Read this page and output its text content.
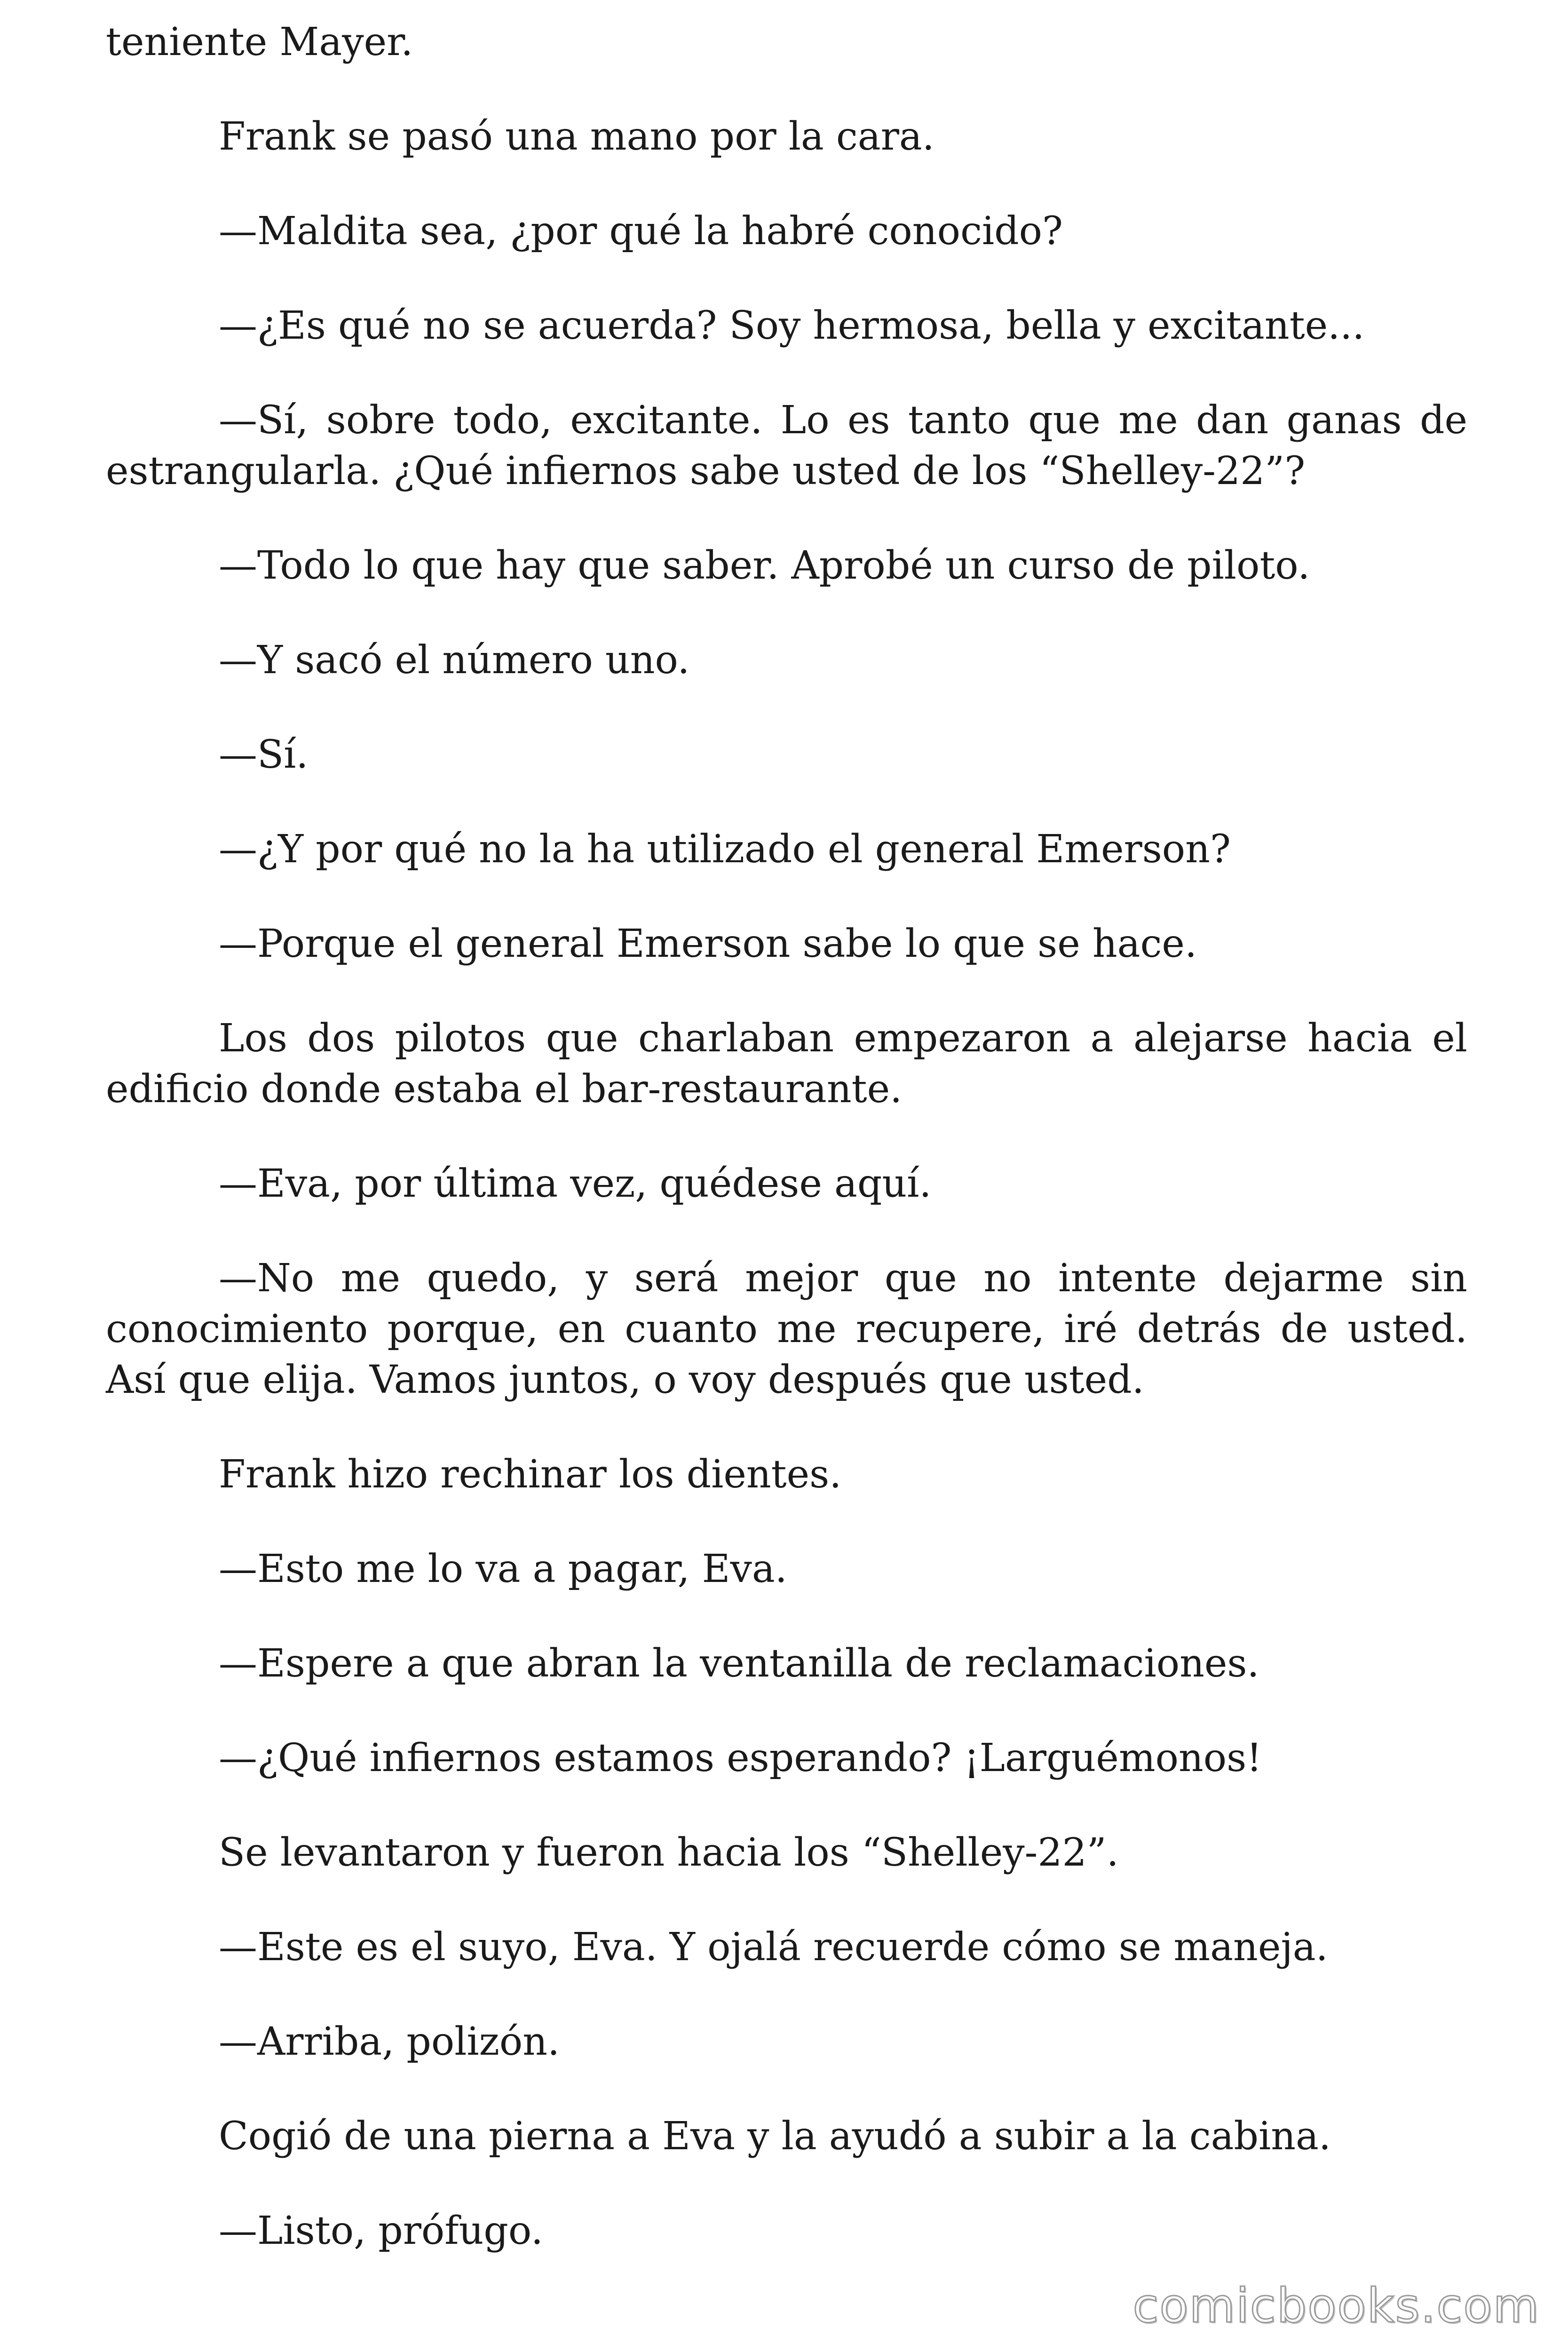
teniente Mayer.

Frank se pasó una mano por la cara.

—Maldita sea, ¿por qué la habré conocido?

—¿Es qué no se acuerda? Soy hermosa, bella y excitante...

—Sí, sobre todo, excitante. Lo es tanto que me dan ganas de estrangularla. ¿Qué infiernos sabe usted de los “Shelley-22”?

—Todo lo que hay que saber. Aprobé un curso de piloto.

—Y sacó el número uno.

—Sí.

—¿Y por qué no la ha utilizado el general Emerson?

—Porque el general Emerson sabe lo que se hace.

Los dos pilotos que charlaban empezaron a alejarse hacia el edificio donde estaba el bar-restaurante.

—Eva, por última vez, quédese aquí.

—No me quedo, y será mejor que no intente dejarme sin conocimiento porque, en cuanto me recupere, iré detrás de usted. Así que elija. Vamos juntos, o voy después que usted.

Frank hizo rechinar los dientes.

—Esto me lo va a pagar, Eva.

—Espere a que abran la ventanilla de reclamaciones.

—¿Qué infiernos estamos esperando? ¡Larguémonos!

Se levantaron y fueron hacia los “Shelley-22”.

—Este es el suyo, Eva. Y ojalá recuerde cómo se maneja.

—Arriba, polizón.

Cogió de una pierna a Eva y la ayudó a subir a la cabina.

—Listo, prófugo.

comicbooks.com
